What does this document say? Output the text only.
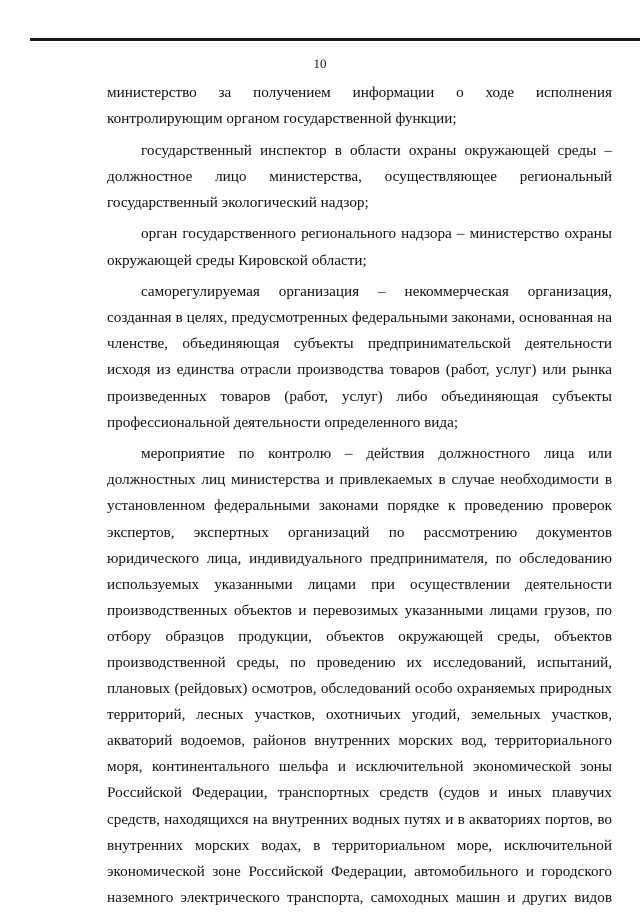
10

министерство за получением информации о ходе исполнения
контролирующим органом государственной функции;

государственный инспектор в области охраны окружающей среды –
должностное лицо министерства, осуществляющее региональный
государственный экологический надзор;

орган государственного регионального надзора – министерство охраны
окружающей среды Кировской области;

саморегулируемая организация – некоммерческая организация,
созданная в целях, предусмотренных федеральными законами, основанная на
членстве, объединяющая субъекты предпринимательской деятельности
исходя из единства отрасли производства товаров (работ, услуг) или рынка
произведенных товаров (работ, услуг) либо объединяющая субъекты
профессиональной деятельности определенного вида;

мероприятие по контролю – действия должностного лица или
должностных лиц министерства и привлекаемых в случае необходимости в
установленном федеральными законами порядке к проведению проверок
экспертов, экспертных организаций по рассмотрению документов
юридического лица, индивидуального предпринимателя, по обследованию
используемых указанными лицами при осуществлении деятельности
производственных объектов и перевозимых указанными лицами грузов, по
отбору образцов продукции, объектов окружающей среды, объектов
производственной среды, по проведению их исследований, испытаний,
плановых (рейдовых) осмотров, обследований особо охраняемых природных
территорий, лесных участков, охотничьих угодий, земельных участков,
акваторий водоемов, районов внутренних морских вод, территориального
моря, континентального шельфа и исключительной экономической зоны
Российской Федерации, транспортных средств (судов и иных плавучих
средств, находящихся на внутренних водных путях и в акваториях портов, во
внутренних морских водах, в территориальном море, исключительной
экономической зоне Российской Федерации, автомобильного и городского
наземного электрического транспорта, самоходных машин и других видов
